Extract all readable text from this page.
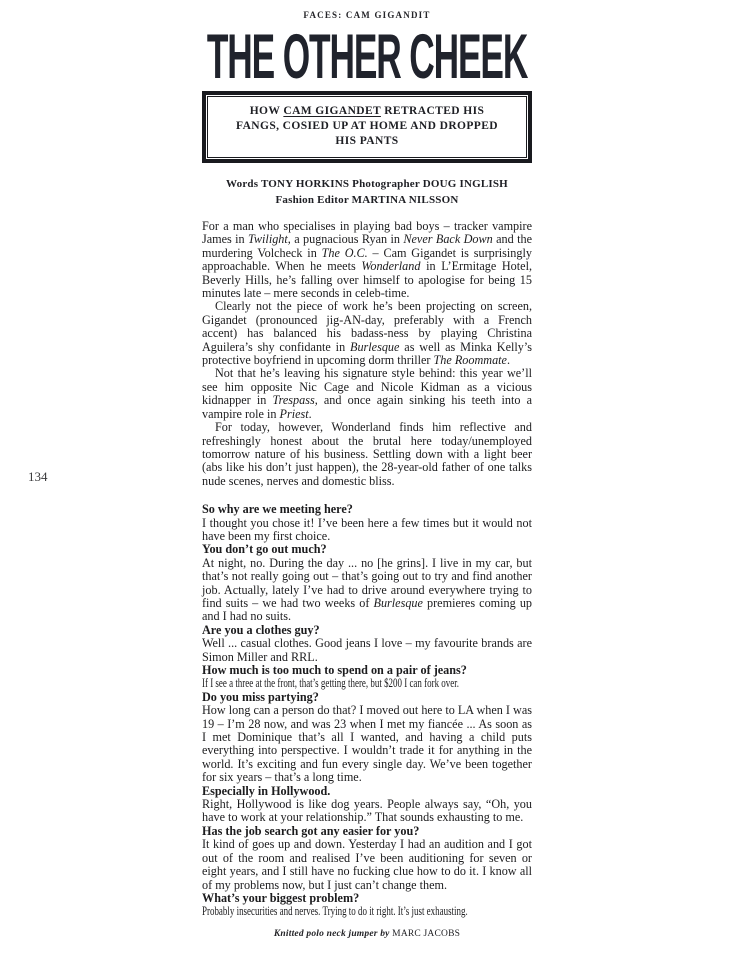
134
FACES: CAM GIGANDIT
THE OTHER CHEEK
HOW CAM GIGANDET RETRACTED HIS FANGS, COSIED UP AT HOME AND DROPPED HIS PANTS
Words TONY HORKINS Photographer DOUG INGLISH
Fashion Editor MARTINA NILSSON

For a man who specialises in playing bad boys – tracker vampire James in Twilight, a pugnacious Ryan in Never Back Down and the murdering Volcheck in The O.C. – Cam Gigandet is surprisingly approachable. When he meets Wonderland in L’Ermitage Hotel, Beverly Hills, he’s falling over himself to apologise for being 15 minutes late – mere seconds in celeb-time.

Clearly not the piece of work he’s been projecting on screen, Gigandet (pronounced jig-AN-day, preferably with a French accent) has balanced his badass-ness by playing Christina Aguilera’s shy confidante in Burlesque as well as Minka Kelly’s protective boyfriend in upcoming dorm thriller The Roommate.

Not that he’s leaving his signature style behind: this year we’ll see him opposite Nic Cage and Nicole Kidman as a vicious kidnapper in Trespass, and once again sinking his teeth into a vampire role in Priest.

For today, however, Wonderland finds him reflective and refreshingly honest about the brutal here today/unemployed tomorrow nature of his business. Settling down with a light beer (abs like his don’t just happen), the 28-year-old father of one talks nude scenes, nerves and domestic bliss.

So why are we meeting here?

I thought you chose it! I’ve been here a few times but it would not have been my first choice.

You don’t go out much?

At night, no. During the day ... no [he grins]. I live in my car, but that’s not really going out – that’s going out to try and find another job. Actually, lately I’ve had to drive around everywhere trying to find suits – we had two weeks of Burlesque premieres coming up and I had no suits.

Are you a clothes guy?

Well ... casual clothes. Good jeans I love – my favourite brands are Simon Miller and RRL.

How much is too much to spend on a pair of jeans?

If I see a three at the front, that’s getting there, but $200 I can fork over.

Do you miss partying?

How long can a person do that? I moved out here to LA when I was 19 – I’m 28 now, and was 23 when I met my fiancée ... As soon as I met Dominique that’s all I wanted, and having a child puts everything into perspective. I wouldn’t trade it for anything in the world. It’s exciting and fun every single day. We’ve been together for six years – that’s a long time.

Especially in Hollywood.

Right, Hollywood is like dog years. People always say, “Oh, you have to work at your relationship.” That sounds exhausting to me.

Has the job search got any easier for you?

It kind of goes up and down. Yesterday I had an audition and I got out of the room and realised I’ve been auditioning for seven or eight years, and I still have no fucking clue how to do it. I know all of my problems now, but I just can’t change them.

What’s your biggest problem?

Probably insecurities and nerves. Trying to do it right. It’s just exhausting.

Knitted polo neck jumper by MARC JACOBS
